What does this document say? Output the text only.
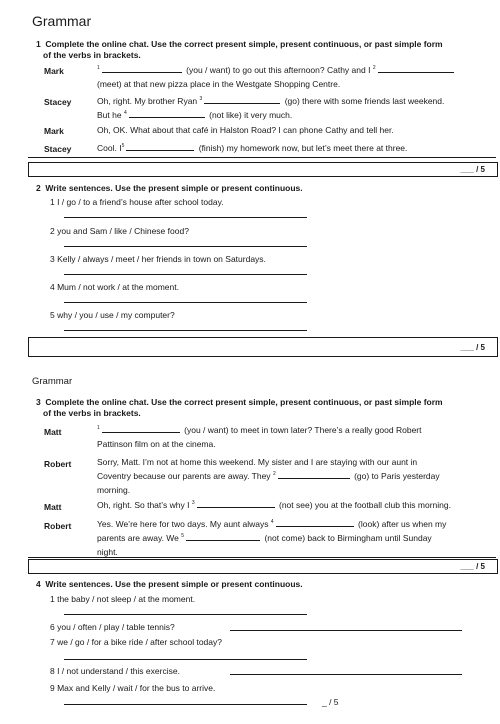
Grammar
1 Complete the online chat. Use the correct present simple, present continuous, or past simple form
of the verbs in brackets.
Mark	$^1$	(you / want) to go out this afternoon? Cathy and I $^2$
(meet) at that new pizza place in the Westgate Shopping Centre.
Stacey	Oh, right. My brother Ryan $^3$	(go) there with some friends last weekend.
But he $^4$	(not like) it very much.
Mark	Oh, OK. What about that café in Halston Road? I can phone Cathy and tell her.
Stacey	Cool. $I^5$	(finish) my homework now, but let’s meet there at three.
___ / 5
2 Write sentences. Use the present simple or present continuous.
1 I / go / to a friend’s house after school today.
2 you and Sam / like / Chinese food?
3 Kelly / always / meet / her friends in town on Saturdays.
4 Mum / not work / at the moment.
5 why / you / use / my computer?
___ / 5
Grammar
3 Complete the online chat. Use the correct present simple, present continuous, or past simple form
of the verbs in brackets.
Matt	$^1$	(you / want) to meet in town later? There’s a really good Robert
Pattinson film on at the cinema.
Robert	Sorry, Matt. I’m not at home this weekend. My sister and I are staying with our aunt in
Coventry because our parents are away. They $^2$	(go) to Paris yesterday
morning.
Matt	Oh, right. So that’s why I $^3$	(not see) you at the football club this morning.
Robert	Yes. We’re here for two days. My aunt always $^4$	(look) after us when my
parents are away. We $^5$	(not come) back to Birmingham until Sunday
night.
___ / 5
4 Write sentences. Use the present simple or present continuous.
1 the baby / not sleep / at the moment.
6 you / often / play / table tennis?
7 we / go / for a bike ride / after school today?
8 I / not understand / this exercise.
9 Max and Kelly / wait / for the bus to arrive.
_ / 5
